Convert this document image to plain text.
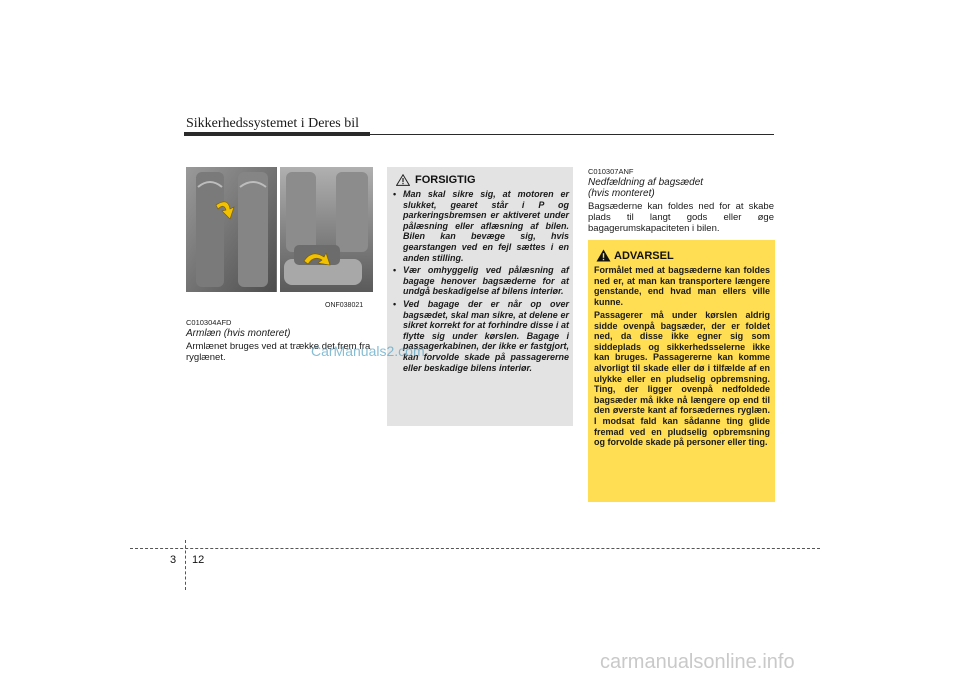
Sikkerhedssystemet i Deres bil
ONF038021
C010304AFD
Armlæn (hvis monteret)
Armlænet bruges ved at trække det frem fra ryglænet.
FORSIGTIG
• Man skal sikre sig, at motoren er slukket, gearet står i P og parkeringsbremsen er aktiveret under pålæsning eller aflæsning af bilen. Bilen kan bevæge sig, hvis gearstangen ved en fejl sættes i en anden stilling.
• Vær omhyggelig ved pålæsning af bagage henover bagsæderne for at undgå beskadigelse af bilens interiør.
• Ved bagage der er når op over bagsædet, skal man sikre, at delene er sikret korrekt for at forhindre disse i at flytte sig under kørslen. Bagage i passagerkabinen, der ikke er fastgjort, kan forvolde skade på passagererne eller beskadige bilens interiør.
C010307ANF
Nedfældning af bagsædet
(hvis monteret)
Bagsæderne kan foldes ned for at skabe plads til langt gods eller øge bagagerumskapaciteten i bilen.
ADVARSEL

Formålet med at bagsæderne kan foldes ned er, at man kan transportere længere genstande, end hvad man ellers ville kunne.

Passagerer må under kørslen aldrig sidde ovenpå bagsæder, der er foldet ned, da disse ikke egner sig som siddeplads og sikkerhedsselerne ikke kan bruges. Passagererne kan komme alvorligt til skade eller dø i tilfælde af en ulykke eller en pludselig opbremsning. Ting, der ligger ovenpå nedfoldede bagsæder må ikke nå længere op end til den øverste kant af forsædernes ryglæn. I modsat fald kan sådanne ting glide fremad ved en pludselig opbremsning og forvolde skade på personer eller ting.

3 12
CarManuals2.com
carmanualsonline.info
